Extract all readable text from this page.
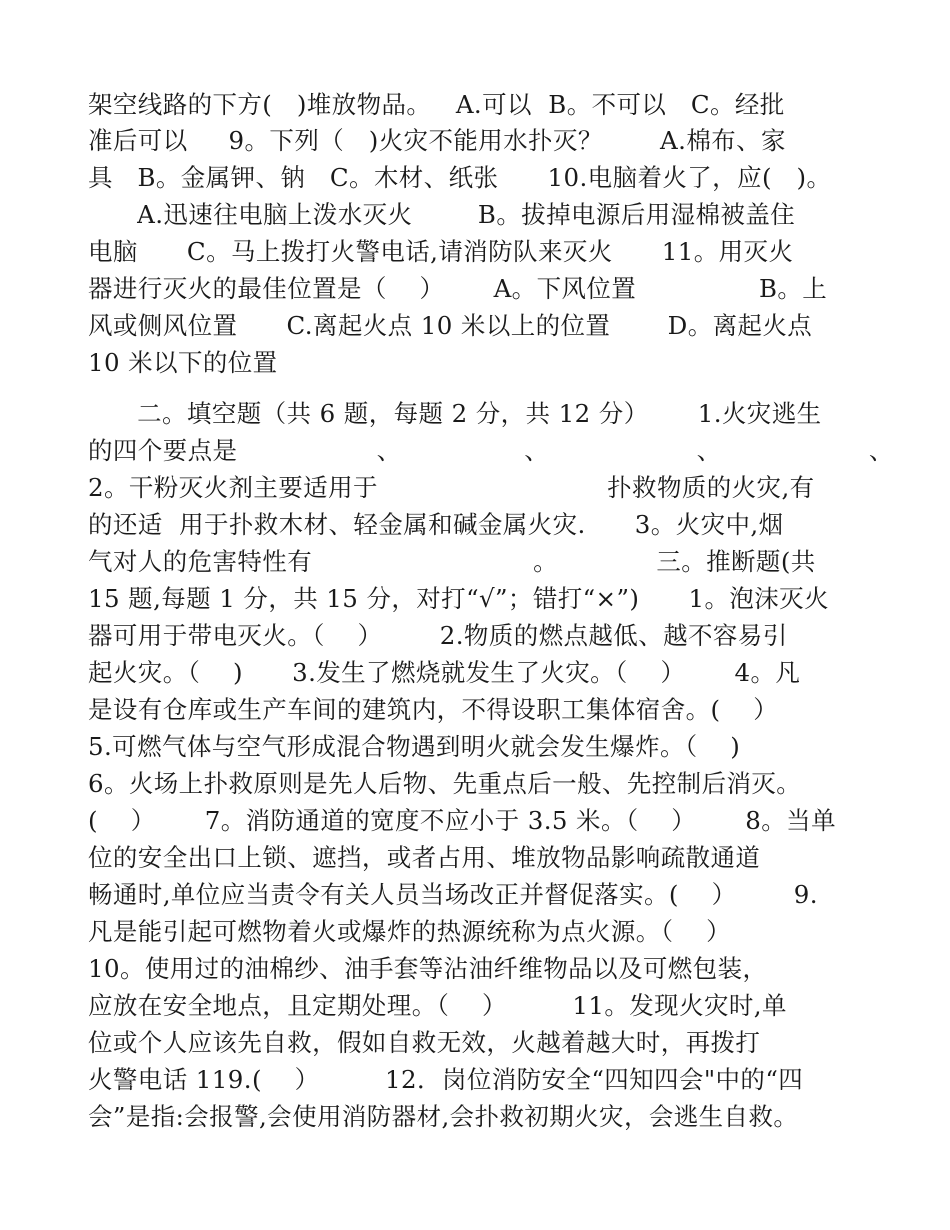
架空线路的下方(   )堆放物品。   A.可以  B。不可以   C。经批
准后可以     9。下列（   )火灾不能用水扑灭？       A.棉布、家
具   B。金属钾、钠   C。木材、纸张      10.电脑着火了，应(   )。
A.迅速往电脑上泼水灭火        B。拔掉电源后用湿棉被盖住
电脑      C。马上拨打火警电话,请消防队来灭火      11。用灭火
器进行灭火的最佳位置是（    ）      A。下风位置               B。上
风或侧风位置      C.离起火点 10 米以上的位置       D。离起火点
10 米以下的位置
二。填空题（共 6 题，每题 2 分，共 12 分）      1.火灾逃生
的四个要点是                 、               、                  、                  、
2。干粉灭火剂主要适用于                            扑救物质的火灾,有
的还适  用于扑救木材、轻金属和碱金属火灾.      3。火灾中,烟
气对人的危害特性有                           。            三。推断题(共
15 题,每题 1 分，共 15 分，对打“√”；错打“×”)      1。泡沫灭火
器可用于带电灭火。（    ）       2.物质的燃点越低、越不容易引
起火灾。（    )      3.发生了燃烧就发生了火灾。（    ）      4。凡
是设有仓库或生产车间的建筑内，不得设职工集体宿舍。(    ）
5.可燃气体与空气形成混合物遇到明火就会发生爆炸。（    )
6。火场上扑救原则是先人后物、先重点后一般、先控制后消灭。
(    ）      7。消防通道的宽度不应小于 3.5 米。（    ）      8。当单
位的安全出口上锁、遮挡，或者占用、堆放物品影响疏散通道
畅通时,单位应当责令有关人员当场改正并督促落实。(    ）       9.
凡是能引起可燃物着火或爆炸的热源统称为点火源。（    ）
10。使用过的油棉纱、油手套等沾油纤维物品以及可燃包装，
应放在安全地点，且定期处理。（    ）        11。发现火灾时,单
位或个人应该先自救，假如自救无效，火越着越大时，再拨打
火警电话 119.(    ）        12．岗位消防安全“四知四会"中的“四
会”是指:会报警,会使用消防器材,会扑救初期火灾，会逃生自救。
